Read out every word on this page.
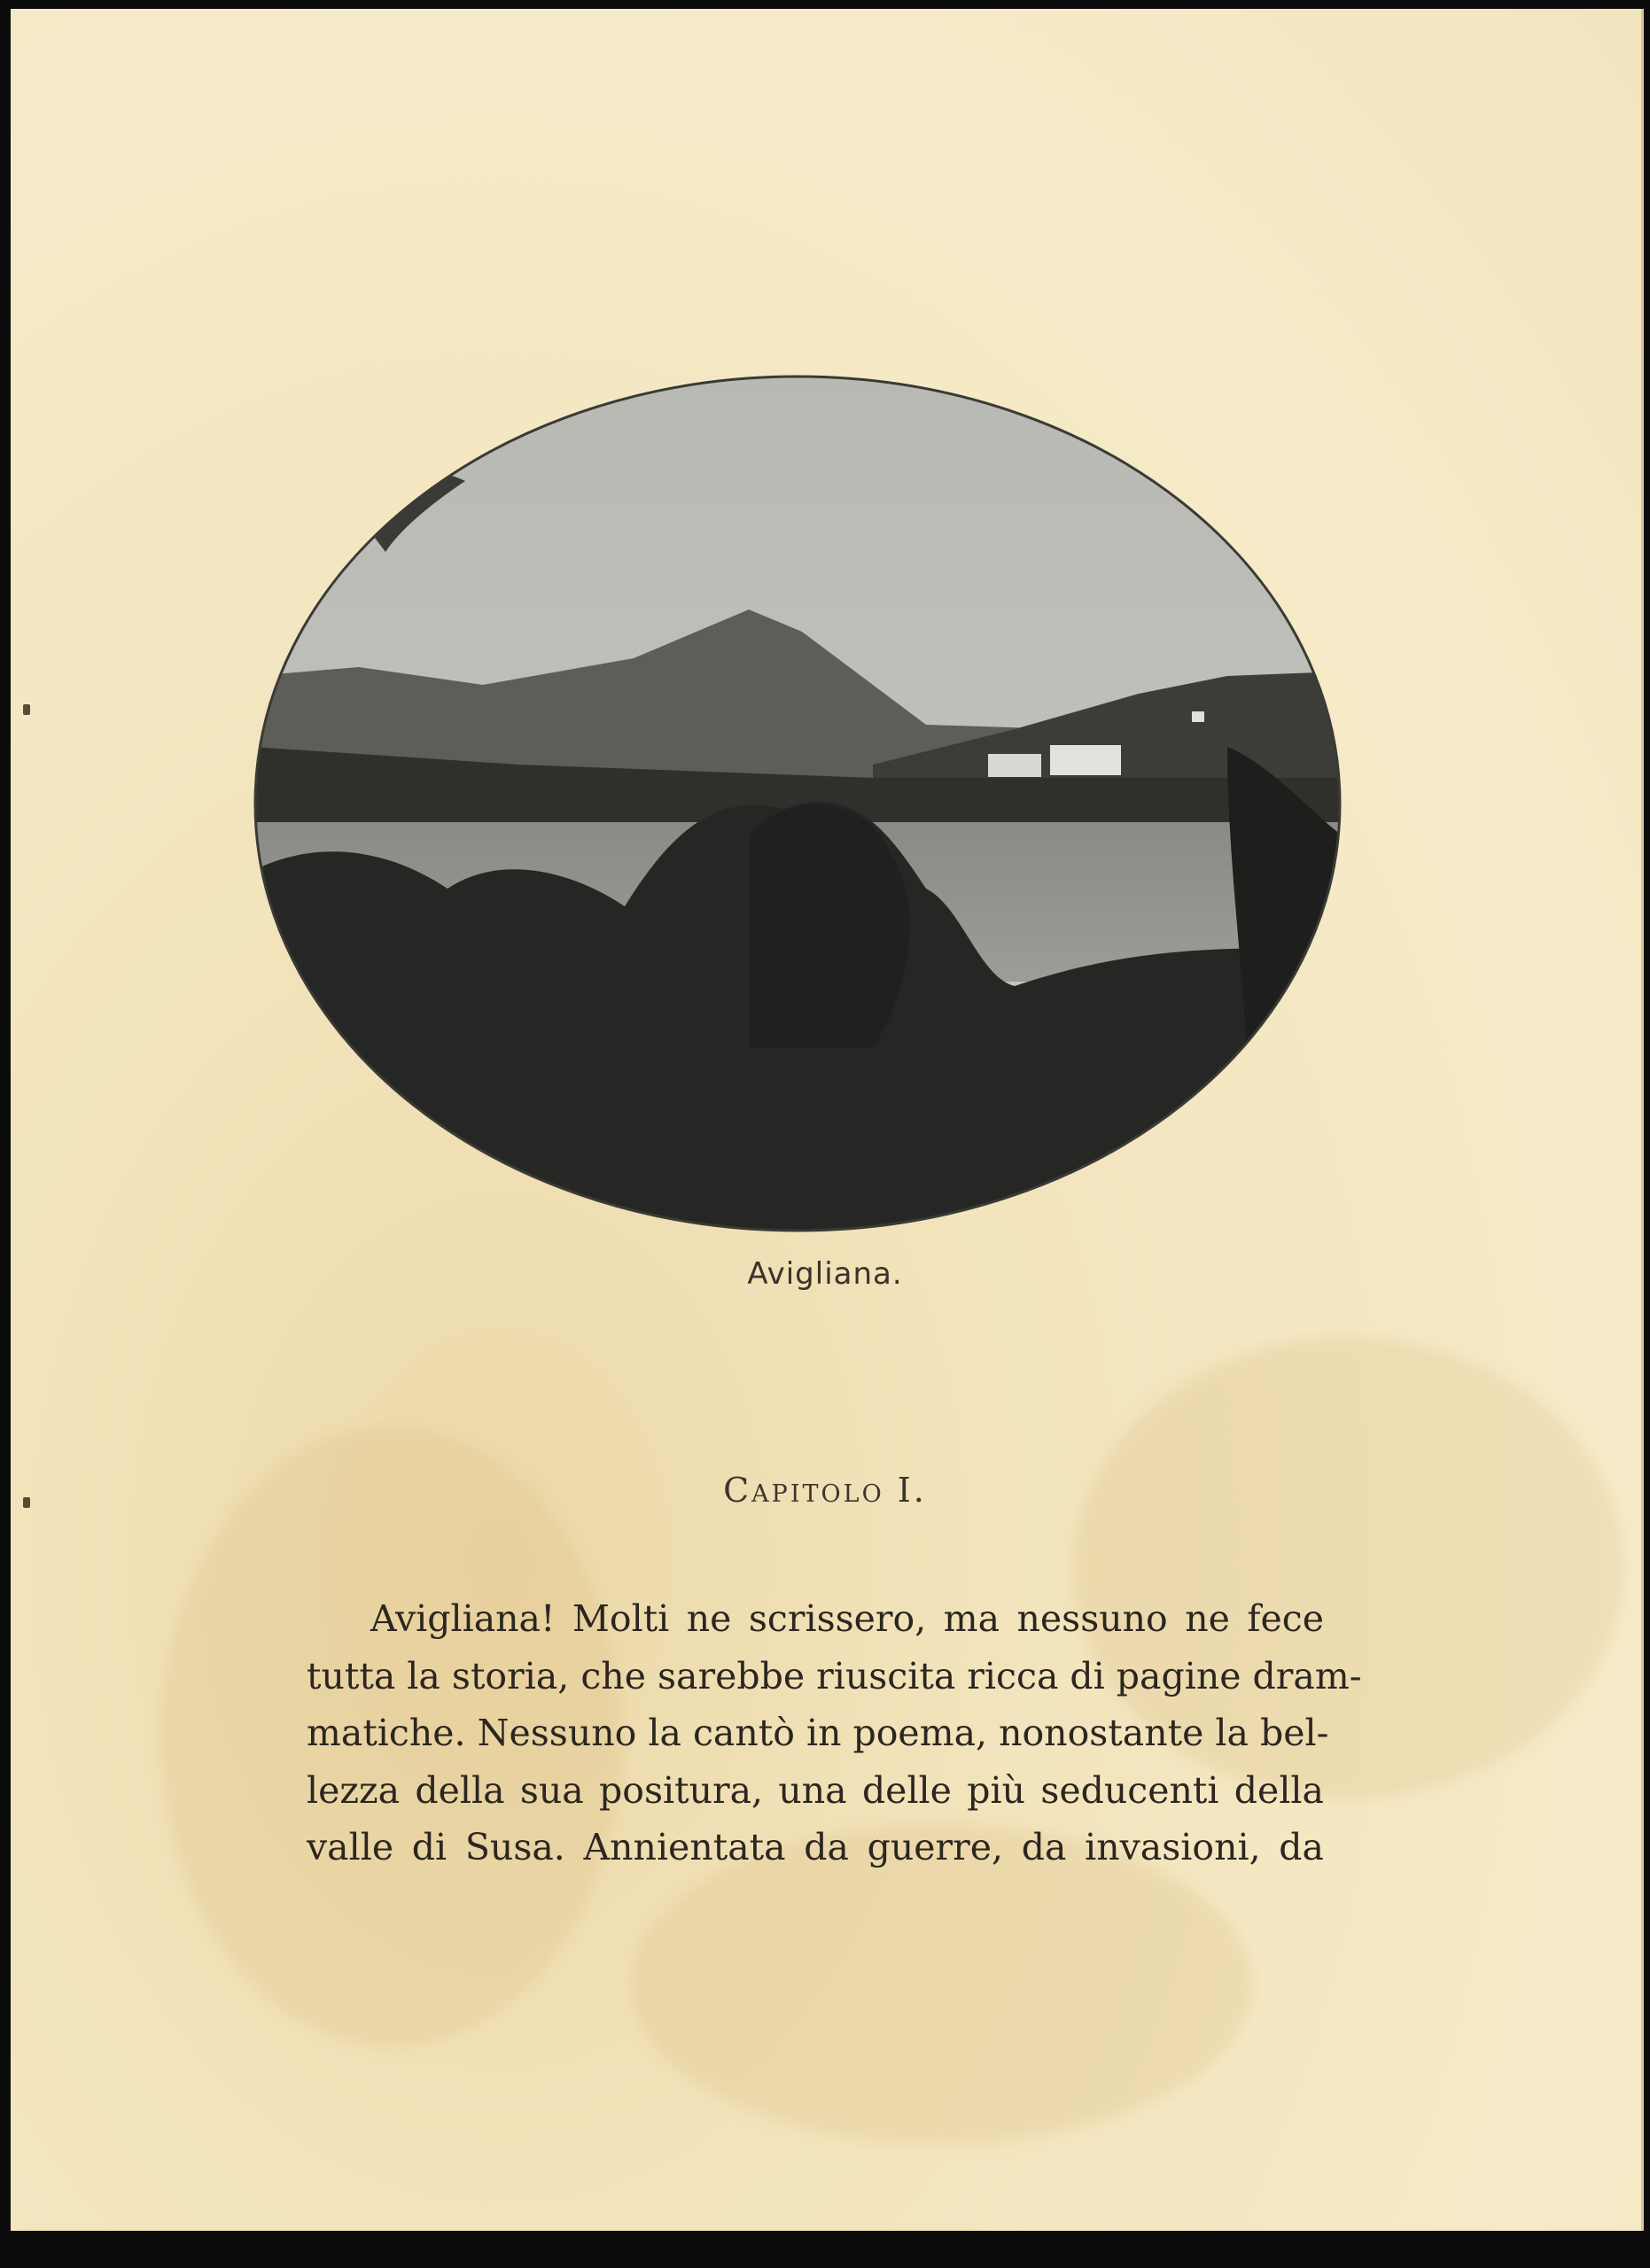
Avigliana.
Capitolo I.
Avigliana! Molti ne scrissero, ma nessuno ne fece
tutta la storia, che sarebbe riuscita ricca di pagine dram-
matiche. Nessuno la cantò in poema, nonostante la bel-
lezza della sua positura, una delle più seducenti della
valle di Susa. Annientata da guerre, da invasioni, da
